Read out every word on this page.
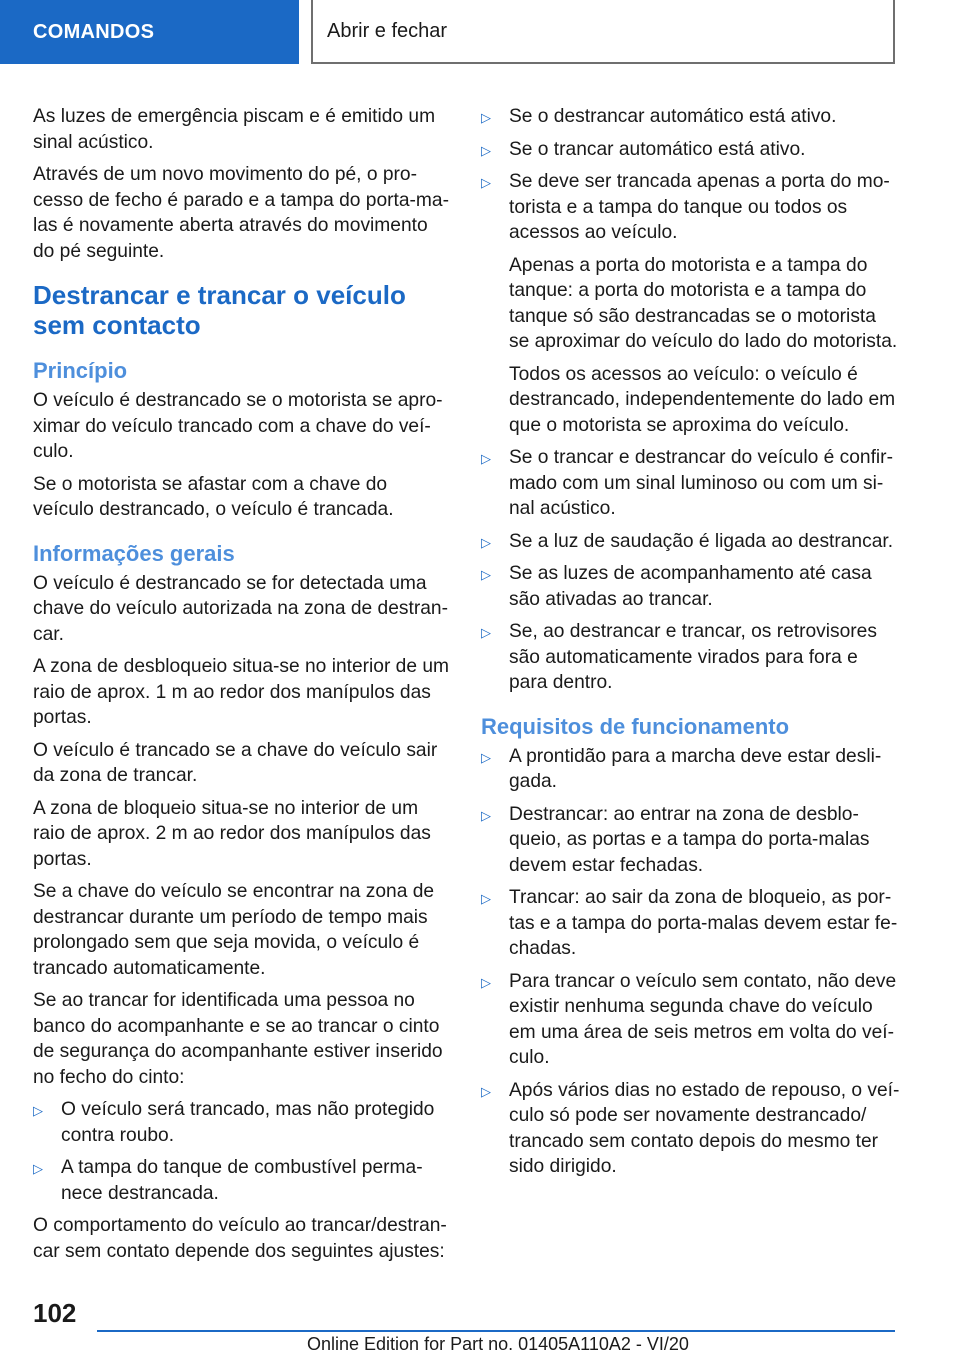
COMANDOS	Abrir e fechar

As luzes de emergência piscam e é emitido um sinal acústico.

Através de um novo movimento do pé, o processo de fecho é parado e a tampa do porta-malas é novamente aberta através do movimento do pé seguinte.

Destrancar e trancar o veículo sem contacto
Princípio

O veículo é destrancado se o motorista se aproximar do veículo trancado com a chave do veículo.

Se o motorista se afastar com a chave do veículo destrancado, o veículo é trancada.

Informações gerais

O veículo é destrancado se for detectada uma chave do veículo autorizada na zona de destrancar.

A zona de desbloqueio situa-se no interior de um raio de aprox. 1 m ao redor dos manípulos das portas.

O veículo é trancado se a chave do veículo sair da zona de trancar.

A zona de bloqueio situa-se no interior de um raio de aprox. 2 m ao redor dos manípulos das portas.

Se a chave do veículo se encontrar na zona de destrancar durante um período de tempo mais prolongado sem que seja movida, o veículo é trancado automaticamente.

Se ao trancar for identificada uma pessoa no banco do acompanhante e se ao trancar o cinto de segurança do acompanhante estiver inserido no fecho do cinto:

▷ O veículo será trancado, mas não protegido contra roubo.
▷ A tampa do tanque de combustível permanece destrancada.

O comportamento do veículo ao trancar/destrancar sem contato depende dos seguintes ajustes:

▷ Se o destrancar automático está ativo.
▷ Se o trancar automático está ativo.
▷ Se deve ser trancada apenas a porta do motorista e a tampa do tanque ou todos os acessos ao veículo.

Apenas a porta do motorista e a tampa do tanque: a porta do motorista e a tampa do tanque só são destrancadas se o motorista se aproximar do veículo do lado do motorista.

Todos os acessos ao veículo: o veículo é destrancado, independentemente do lado em que o motorista se aproxima do veículo.

▷ Se o trancar e destrancar do veículo é confirmado com um sinal luminoso ou com um sinal acústico.
▷ Se a luz de saudação é ligada ao destrancar.
▷ Se as luzes de acompanhamento até casa são ativadas ao trancar.
▷ Se, ao destrancar e trancar, os retrovisores são automaticamente virados para fora e para dentro.
Requisitos de funcionamento
▷ A prontidão para a marcha deve estar desligada.
▷ Destrancar: ao entrar na zona de desbloqueio, as portas e a tampa do porta-malas devem estar fechadas.
▷ Trancar: ao sair da zona de bloqueio, as portas e a tampa do porta-malas devem estar fechadas.
▷ Para trancar o veículo sem contato, não deve existir nenhuma segunda chave do veículo em uma área de seis metros em volta do veículo.
▷ Após vários dias no estado de repouso, o veículo só pode ser novamente destrancado/ trancado sem contato depois do mesmo ter sido dirigido.
102
Online Edition for Part no. 01405A110A2 - VI/20
